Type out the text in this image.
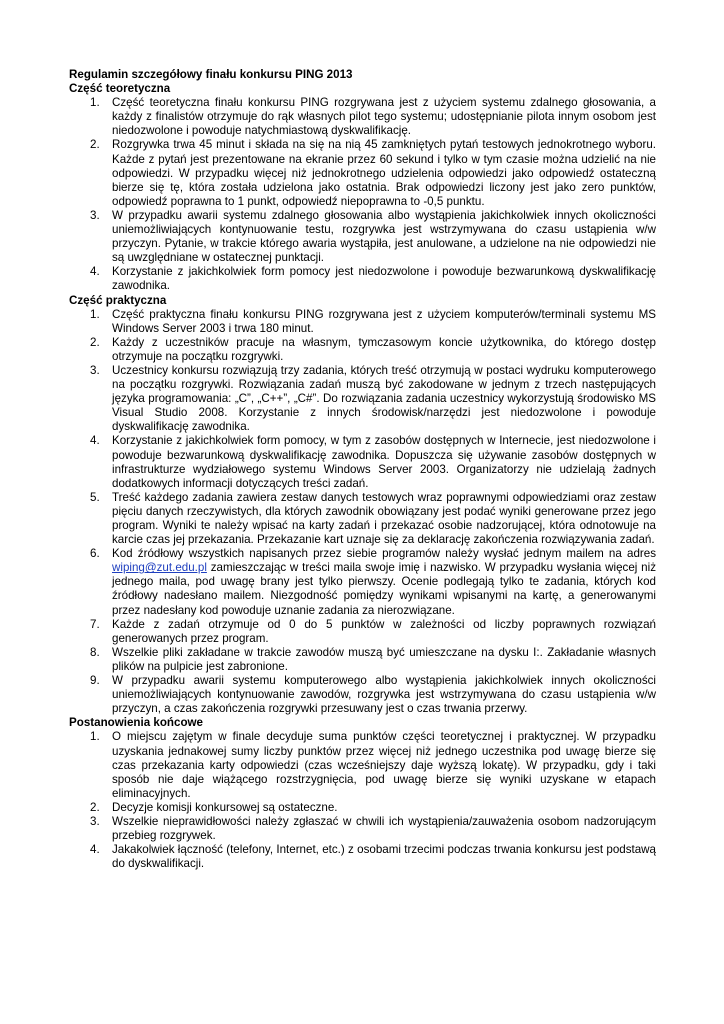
Regulamin szczegółowy finału konkursu PING 2013

Część teoretyczna

1. Część teoretyczna finału konkursu PING rozgrywana jest z użyciem systemu zdalnego głosowania, a każdy z finalistów otrzymuje do rąk własnych pilot tego systemu; udostępnianie pilota innym osobom jest niedozwolone i powoduje natychmiastową dyskwalifikację.
2. Rozgrywka trwa 45 minut i składa na się na nią 45 zamkniętych pytań testowych jednokrotnego wyboru. Każde z pytań jest prezentowane na ekranie przez 60 sekund i tylko w tym czasie można udzielić na nie odpowiedzi. W przypadku więcej niż jednokrotnego udzielenia odpowiedzi jako odpowiedź ostateczną bierze się tę, która została udzielona jako ostatnia. Brak odpowiedzi liczony jest jako zero punktów, odpowiedź poprawna to 1 punkt, odpowiedź niepoprawna to -0,5 punktu.
3. W przypadku awarii systemu zdalnego głosowania albo wystąpienia jakichkolwiek innych okoliczności uniemożliwiających kontynuowanie testu, rozgrywka jest wstrzymywana do czasu ustąpienia w/w przyczyn. Pytanie, w trakcie którego awaria wystąpiła, jest anulowane, a udzielone na nie odpowiedzi nie są uwzględniane w ostatecznej punktacji.
4. Korzystanie z jakichkolwiek form pomocy jest niedozwolone i powoduje bezwarunkową dyskwalifikację zawodnika.

Część praktyczna

1. Część praktyczna finału konkursu PING rozgrywana jest z użyciem komputerów/terminali systemu MS Windows Server 2003 i trwa 180 minut.
2. Każdy z uczestników pracuje na własnym, tymczasowym koncie użytkownika, do którego dostęp otrzymuje na początku rozgrywki.
3. Uczestnicy konkursu rozwiązują trzy zadania, których treść otrzymują w postaci wydruku komputerowego na początku rozgrywki. Rozwiązania zadań muszą być zakodowane w jednym z trzech następujących języka programowania: „C”, „C++”, „C#”. Do rozwiązania zadania uczestnicy wykorzystują środowisko MS Visual Studio 2008. Korzystanie z innych środowisk/narzędzi jest niedozwolone i powoduje dyskwalifikację zawodnika.
4. Korzystanie z jakichkolwiek form pomocy, w tym z zasobów dostępnych w Internecie, jest niedozwolone i powoduje bezwarunkową dyskwalifikację zawodnika. Dopuszcza się używanie zasobów dostępnych w infrastrukturze wydziałowego systemu Windows Server 2003. Organizatorzy nie udzielają żadnych dodatkowych informacji dotyczących treści zadań.
5. Treść każdego zadania zawiera zestaw danych testowych wraz poprawnymi odpowiedziami oraz zestaw pięciu danych rzeczywistych, dla których zawodnik obowiązany jest podać wyniki generowane przez jego program. Wyniki te należy wpisać na karty zadań i przekazać osobie nadzorującej, która odnotowuje na karcie czas jej przekazania. Przekazanie kart uznaje się za deklarację zakończenia rozwiązywania zadań.
6. Kod źródłowy wszystkich napisanych przez siebie programów należy wysłać jednym mailem na adres wiping@zut.edu.pl zamieszczając w treści maila swoje imię i nazwisko. W przypadku wysłania więcej niż jednego maila, pod uwagę brany jest tylko pierwszy. Ocenie podlegają tylko te zadania, których kod źródłowy nadesłano mailem. Niezgodność pomiędzy wynikami wpisanymi na kartę, a generowanymi przez nadesłany kod powoduje uznanie zadania za nierozwiązane.
7. Każde z zadań otrzymuje od 0 do 5 punktów w zależności od liczby poprawnych rozwiązań generowanych przez program.
8. Wszelkie pliki zakładane w trakcie zawodów muszą być umieszczane na dysku I:. Zakładanie własnych plików na pulpicie jest zabronione.
9. W przypadku awarii systemu komputerowego albo wystąpienia jakichkolwiek innych okoliczności uniemożliwiających kontynuowanie zawodów, rozgrywka jest wstrzymywana do czasu ustąpienia w/w przyczyn, a czas zakończenia rozgrywki przesuwany jest o czas trwania przerwy.

Postanowienia końcowe

1. O miejscu zajętym w finale decyduje suma punktów części teoretycznej i praktycznej. W przypadku uzyskania jednakowej sumy liczby punktów przez więcej niż jednego uczestnika pod uwagę bierze się czas przekazania karty odpowiedzi (czas wcześniejszy daje wyższą lokatę). W przypadku, gdy i taki sposób nie daje wiążącego rozstrzygnięcia, pod uwagę bierze się wyniki uzyskane w etapach eliminacyjnych.
2. Decyzje komisji konkursowej są ostateczne.
3. Wszelkie nieprawidłowości należy zgłaszać w chwili ich wystąpienia/zauważenia osobom nadzorującym przebieg rozgrywek.
4. Jakakolwiek łączność (telefony, Internet, etc.) z osobami trzecimi podczas trwania konkursu jest podstawą do dyskwalifikacji.
